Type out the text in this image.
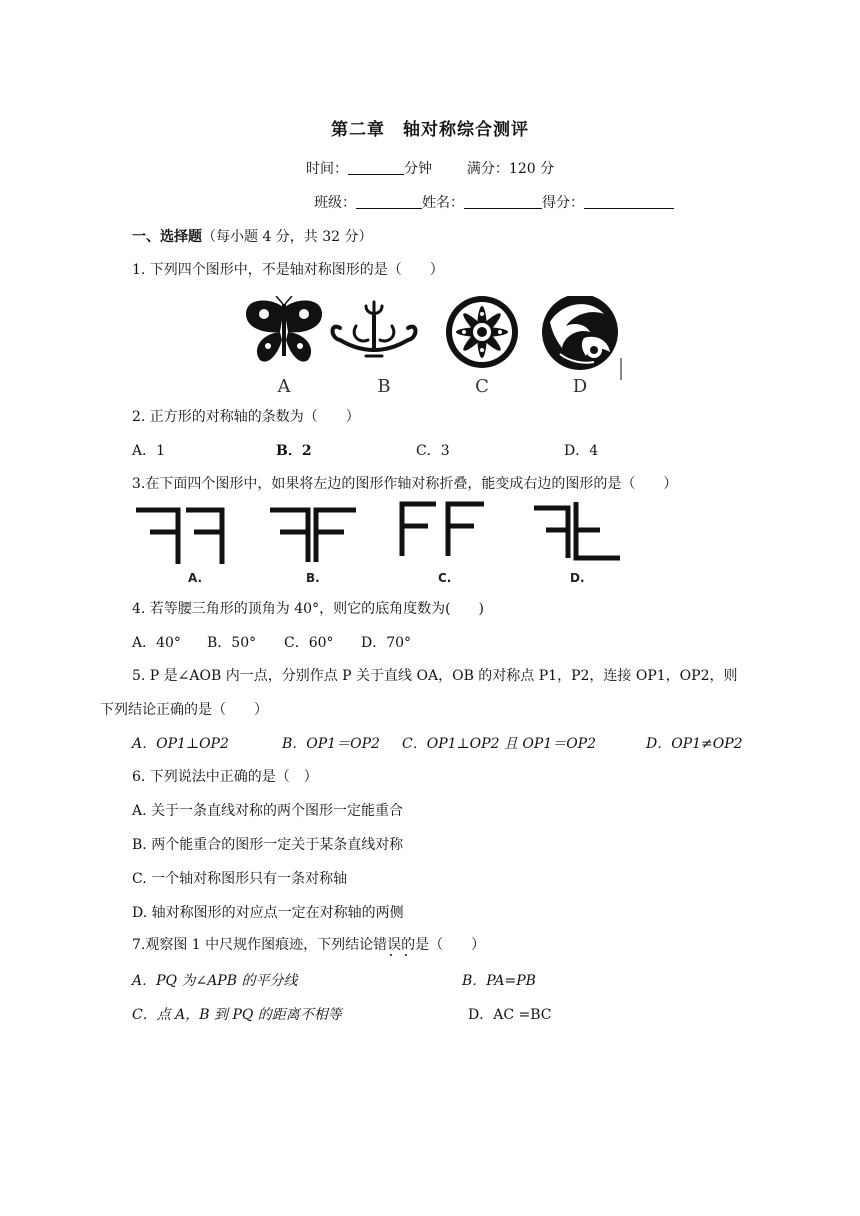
第二章　轴对称综合测评
时间：	分钟 满分：120 分
班级：	姓名：	得分：
一、选择题（每小题 4 分，共 32 分）
1. 下列四个图形中，不是轴对称图形的是（　　）
A	B	C	D
2. 正方形的对称轴的条数为（　　）
A．1	B．2	C．3	D．4
3.在下面四个图形中，如果将左边的图形作轴对称折叠，能变成右边的图形的是（　　）
A.	B.	C.	D.
4. 若等腰三角形的顶角为 40°，则它的底角度数为(　　)
A．40° B．50° C．60° D．70°
5. P 是∠AOB 内一点，分别作点 P 关于直线 OA，OB 的对称点 P1，P2，连接 OP1，OP2，则
下列结论正确的是（　　）
A．OP1⊥OP2	B．OP1＝OP2 C．OP1⊥OP2 且 OP1＝OP2	D．OP1≠OP2
6. 下列说法中正确的是（　）
A. 关于一条直线对称的两个图形一定能重合
B. 两个能重合的图形一定关于某条直线对称
C. 一个轴对称图形只有一条对称轴
D. 轴对称图形的对应点一定在对称轴的两侧
7.观察图 1 中尺规作图痕迹，下列结论错误的是（　　）
A．PQ 为∠APB 的平分线	B．PA=PB
C．点 A，B 到 PQ 的距离不相等	D．AC =BC
